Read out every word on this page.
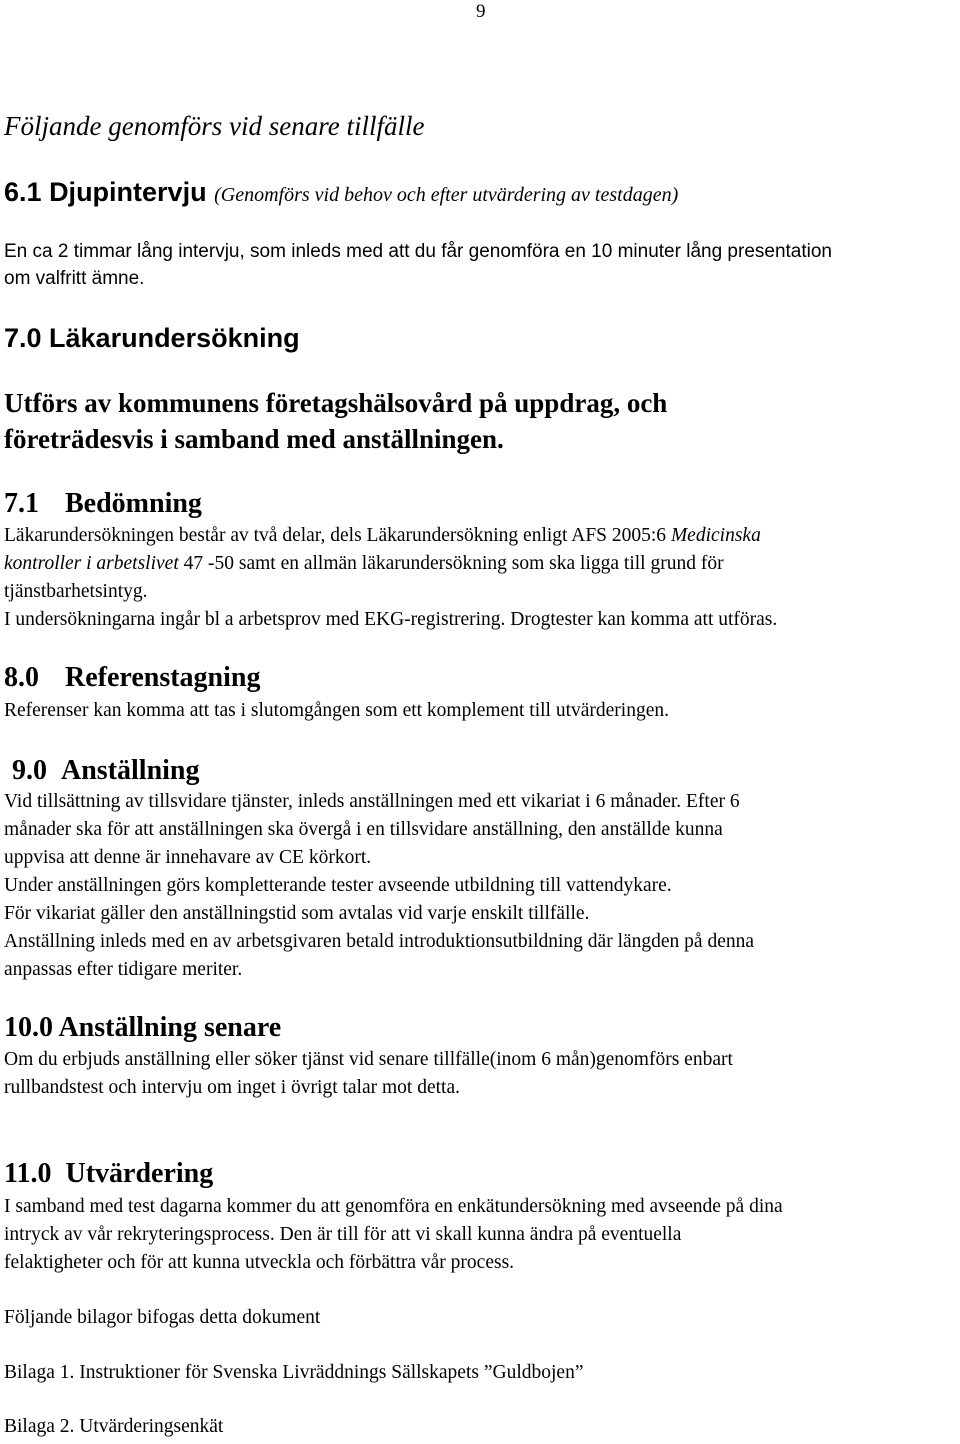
9
Följande genomförs vid senare tillfälle
6.1 Djupintervju (Genomförs vid behov och efter utvärdering av testdagen)

En ca 2 timmar lång intervju, som inleds med att du får genomföra en 10 minuter lång presentation

om valfritt ämne.

7.0 Läkarundersökning

Utförs av kommunens företagshälsovård på uppdrag, och

företrädesvis i samband med anställningen.

7.1 Bedömning

Läkarundersökningen består av två delar, dels Läkarundersökning enligt AFS 2005:6 Medicinska

kontroller i arbetslivet 47 -50 samt en allmän läkarundersökning som ska ligga till grund för

tjänstbarhetsintyg.

I undersökningarna ingår bl a arbetsprov med EKG-registrering. Drogtester kan komma att utföras.

8.0 Referenstagning
Referenser kan komma att tas i slutomgången som ett komplement till utvärderingen.
9.0 Anställning

Vid tillsättning av tillsvidare tjänster, inleds anställningen med ett vikariat i 6 månader. Efter 6

månader ska för att anställningen ska övergå i en tillsvidare anställning, den anställde kunna

uppvisa att denne är innehavare av CE körkort.

Under anställningen görs kompletterande tester avseende utbildning till vattendykare.

För vikariat gäller den anställningstid som avtalas vid varje enskilt tillfälle.

Anställning inleds med en av arbetsgivaren betald introduktionsutbildning där längden på denna

anpassas efter tidigare meriter.

10.0 Anställning senare

Om du erbjuds anställning eller söker tjänst vid senare tillfälle(inom 6 mån)genomförs enbart

rullbandstest och intervju om inget i övrigt talar mot detta.

11.0 Utvärdering

I samband med test dagarna kommer du att genomföra en enkätundersökning med avseende på dina

intryck av vår rekryteringsprocess. Den är till för att vi skall kunna ändra på eventuella

felaktigheter och för att kunna utveckla och förbättra vår process.

Följande bilagor bifogas detta dokument
Bilaga 1. Instruktioner för Svenska Livräddnings Sällskapets ”Guldbojen”
Bilaga 2. Utvärderingsenkät
